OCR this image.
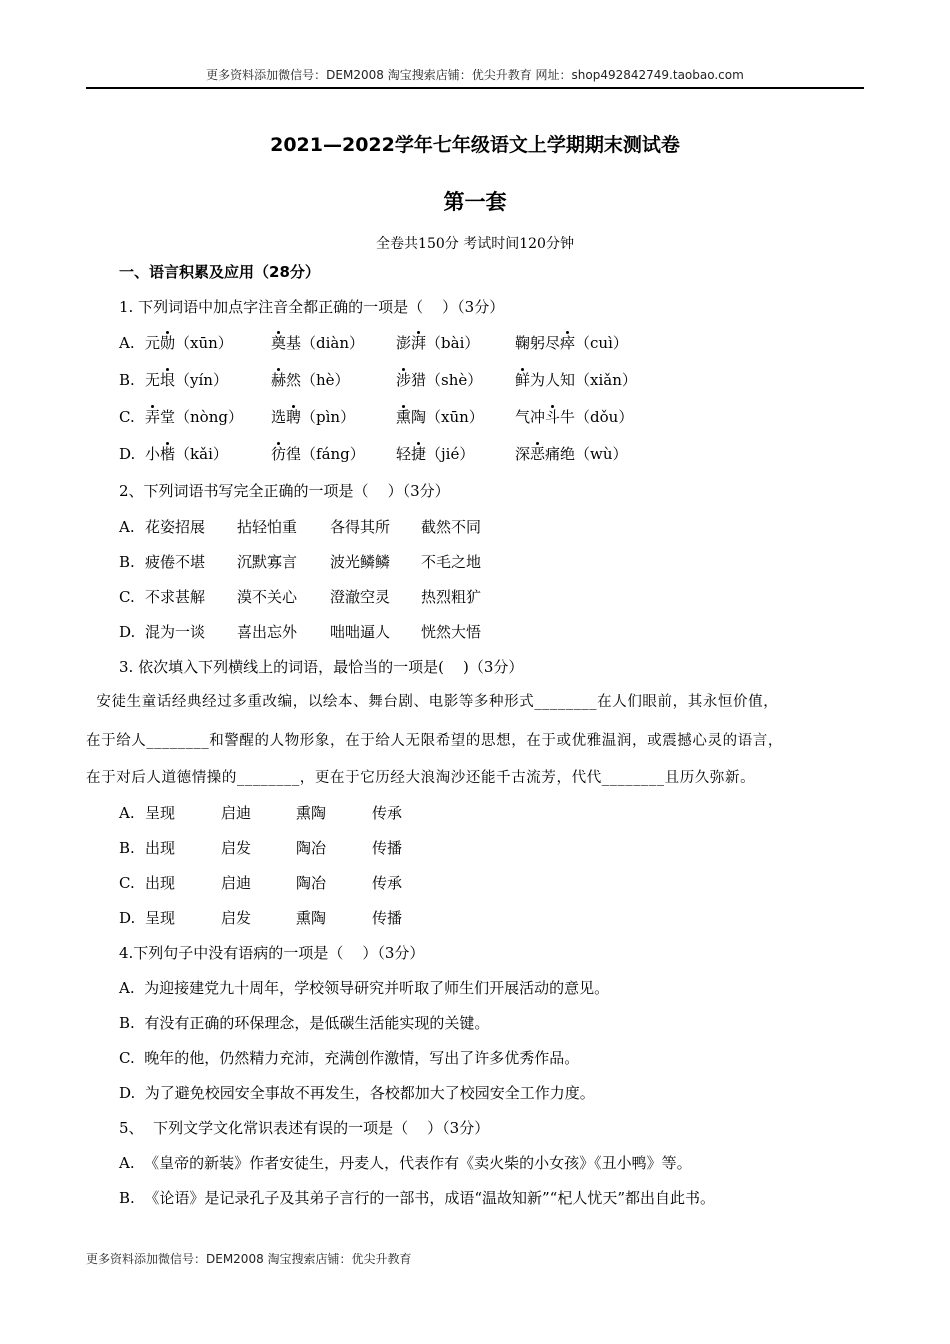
更多资料添加微信号：DEM2008 淘宝搜索店铺：优尖升教育 网址：shop492842749.taobao.com
2021—2022学年七年级语文上学期期末测试卷
第一套
全卷共150分 考试时间120分钟
一、语言积累及应用（28分）
1. 下列词语中加点字注音全都正确的一项是（    ）（3分）
A. 元勋（xūn）	奠基（diàn） 澎湃（bài） 鞠躬尽瘁（cuì）
B. 无垠（yín）	赫然（hè）	涉猎（shè） 鲜为人知（xiǎn）
C. 弄堂（nòng） 选聘（pìn）	熏陶（xūn） 气冲斗牛（dǒu）
D. 小楷（kǎi）	彷徨（fáng） 轻捷（jié）	深恶痛绝（wù）
2、下列词语书写完全正确的一项是（    ）（3分）
A. 花姿招展 拈轻怕重 各得其所 截然不同
B. 疲倦不堪 沉默寡言 波光鳞鳞 不毛之地
C. 不求甚解 漠不关心 澄澈空灵 热烈粗犷
D. 混为一谈 喜出忘外 咄咄逼人 恍然大悟
3. 依次填入下列横线上的词语，最恰当的一项是(    )（3分）
安徒生童话经典经过多重改编，以绘本、舞台剧、电影等多种形式________在人们眼前，其永恒价值，
在于给人________和警醒的人物形象，在于给人无限希望的思想，在于或优雅温润，或震撼心灵的语言，
在于对后人道德情操的________，更在于它历经大浪淘沙还能千古流芳，代代________且历久弥新。
A. 呈现	启迪	熏陶	传承
B. 出现	启发	陶冶	传播
C. 出现	启迪	陶冶	传承
D. 呈现	启发	熏陶	传播
4.下列句子中没有语病的一项是（    ）（3分）
A.  为迎接建党九十周年，学校领导研究并听取了师生们开展活动的意见。
B.  有没有正确的环保理念，是低碳生活能实现的关键。
C.  晚年的他，仍然精力充沛，充满创作激情，写出了许多优秀作品。
D.  为了避免校园安全事故不再发生，各校都加大了校园安全工作力度。
5、  下列文学文化常识表述有误的一项是（    ）（3分）
A.  《皇帝的新装》作者安徒生，丹麦人，代表作有《卖火柴的小女孩》《丑小鸭》等。
B.  《论语》是记录孔子及其弟子言行的一部书，成语“温故知新”“杞人忧天”都出自此书。
更多资料添加微信号：DEM2008 淘宝搜索店铺：优尖升教育
